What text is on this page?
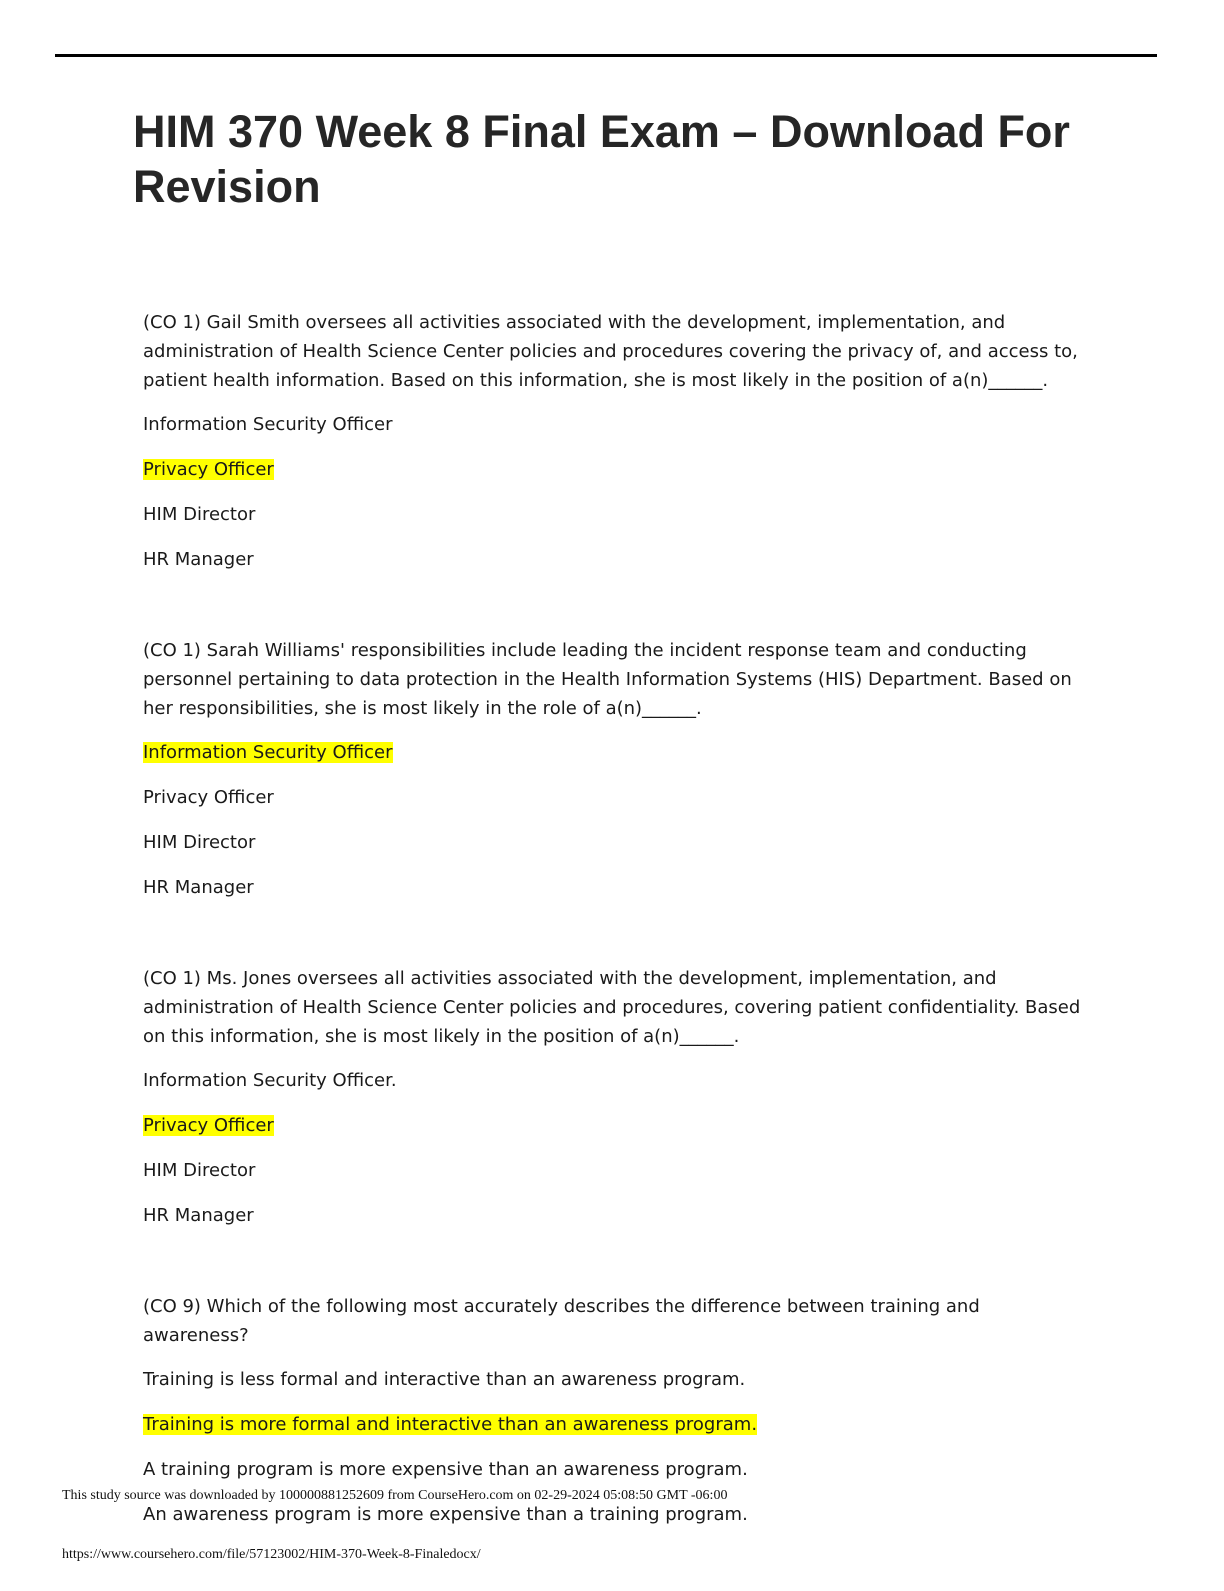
HIM 370 Week 8 Final Exam – Download For Revision

(CO 1) Gail Smith oversees all activities associated with the development, implementation, and administration of Health Science Center policies and procedures covering the privacy of, and access to, patient health information. Based on this information, she is most likely in the position of a(n)______.

Information Security Officer

Privacy Officer

HIM Director

HR Manager

(CO 1) Sarah Williams' responsibilities include leading the incident response team and conducting personnel pertaining to data protection in the Health Information Systems (HIS) Department. Based on her responsibilities, she is most likely in the role of a(n)______.

Information Security Officer

Privacy Officer

HIM Director

HR Manager

(CO 1) Ms. Jones oversees all activities associated with the development, implementation, and administration of Health Science Center policies and procedures, covering patient confidentiality. Based on this information, she is most likely in the position of a(n)______.

Information Security Officer.

Privacy Officer

HIM Director

HR Manager

(CO 9) Which of the following most accurately describes the difference between training and awareness?

Training is less formal and interactive than an awareness program.

Training is more formal and interactive than an awareness program.

A training program is more expensive than an awareness program.

An awareness program is more expensive than a training program.

This study source was downloaded by 100000881252609 from CourseHero.com on 02-29-2024 05:08:50 GMT -06:00

https://www.coursehero.com/file/57123002/HIM-370-Week-8-Finaledocx/
